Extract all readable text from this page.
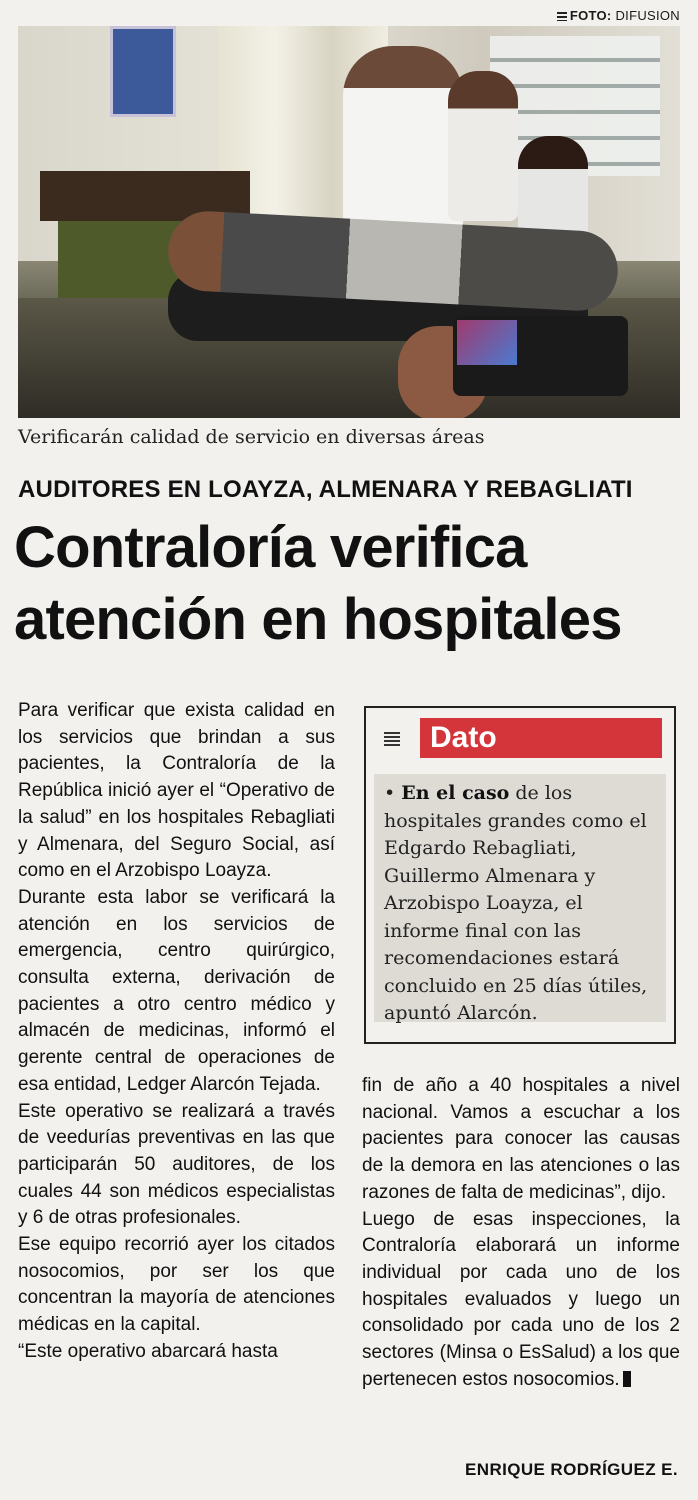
FOTO: DIFUSION
Verificarán calidad de servicio en diversas áreas
AUDITORES EN LOAYZA, ALMENARA Y REBAGLIATI
Contraloría verifica
atención en hospitales

Para verificar que exista calidad en los servicios que brindan a sus pacientes, la Contraloría de la República inició ayer el “Operativo de la salud” en los hospitales Rebagliati y Almenara, del Seguro Social, así como en el Arzobispo Loayza.

Durante esta labor se verificará la atención en los servicios de emergencia, centro quirúrgico, consulta externa, derivación de pacientes a otro centro médico y almacén de medicinas, informó el gerente central de operaciones de esa entidad, Ledger Alarcón Tejada.

Este operativo se realizará a través de veedurías preventivas en las que participarán 50 auditores, de los cuales 44 son médicos especialistas y 6 de otras profesionales.

Ese equipo recorrió ayer los citados nosocomios, por ser los que concentran la mayoría de atenciones médicas en la capital.

“Este operativo abarcará hasta

Dato
• En el caso de los hospitales grandes como el Edgardo Rebagliati, Guillermo Almenara y Arzobispo Loayza, el informe final con las recomendaciones estará concluido en 25 días útiles, apuntó Alarcón.

fin de año a 40 hospitales a nivel nacional. Vamos a escuchar a los pacientes para conocer las causas de la demora en las atenciones o las razones de falta de medicinas”, dijo.

Luego de esas inspecciones, la Contraloría elaborará un informe individual por cada uno de los hospitales evaluados y luego un consolidado por cada uno de los 2 sectores (Minsa o EsSalud) a los que pertenecen estos nosocomios.

ENRIQUE RODRÍGUEZ E.
